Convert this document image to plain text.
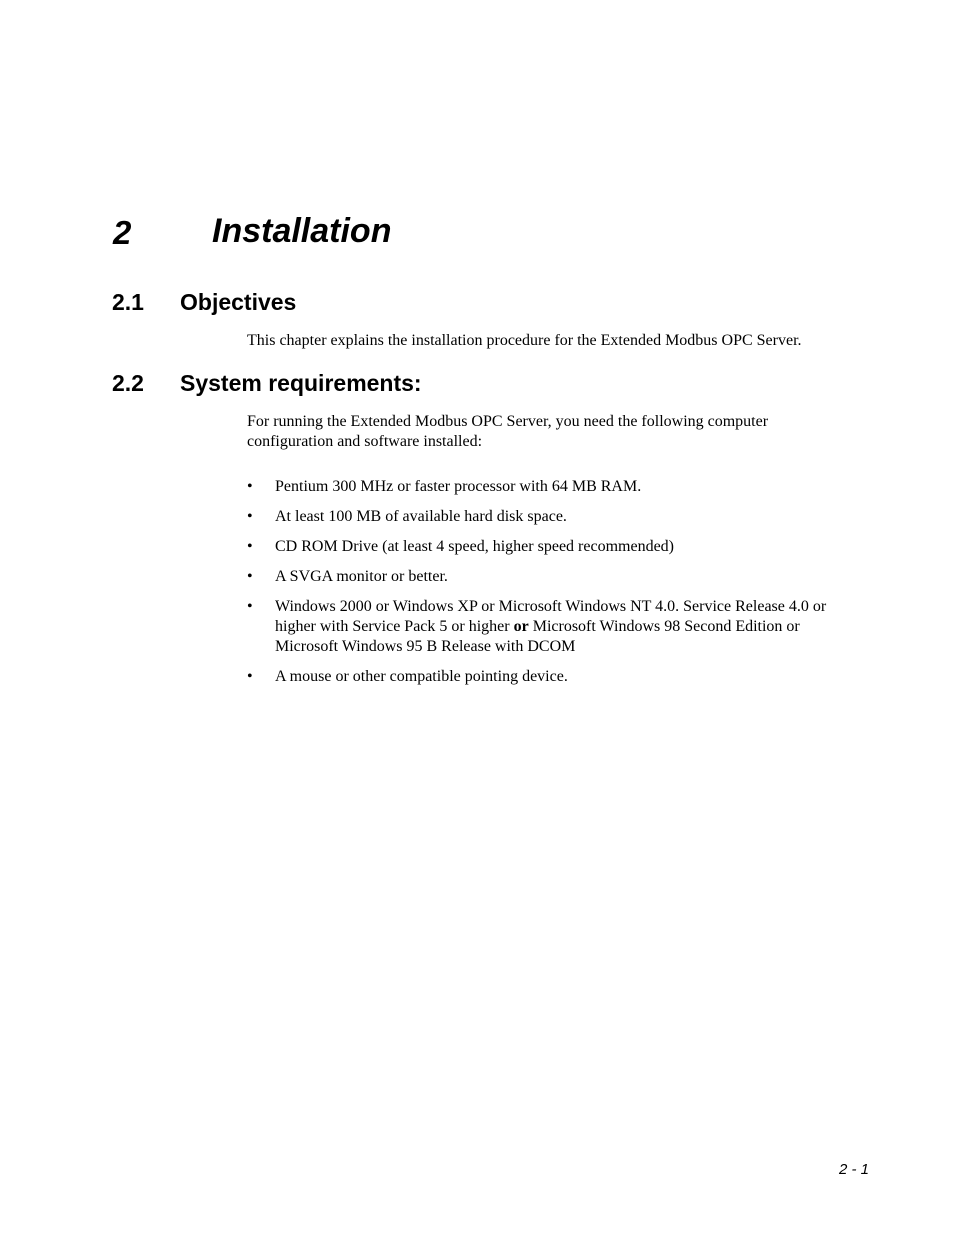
2 Installation
2.1 Objectives
This chapter explains the installation procedure for the Extended Modbus OPC Server.
2.2 System requirements:
For running the Extended Modbus OPC Server, you need the following computer configuration and software installed:
• Pentium 300 MHz or faster processor with 64 MB RAM.
• At least 100 MB of available hard disk space.
• CD ROM Drive (at least 4 speed, higher speed recommended)
• A SVGA monitor or better.
• Windows 2000 or Windows XP or Microsoft Windows NT 4.0. Service Release 4.0 or higher with Service Pack 5 or higher or Microsoft Windows 98 Second Edition or Microsoft Windows 95 B Release with DCOM
• A mouse or other compatible pointing device.
2 - 1
